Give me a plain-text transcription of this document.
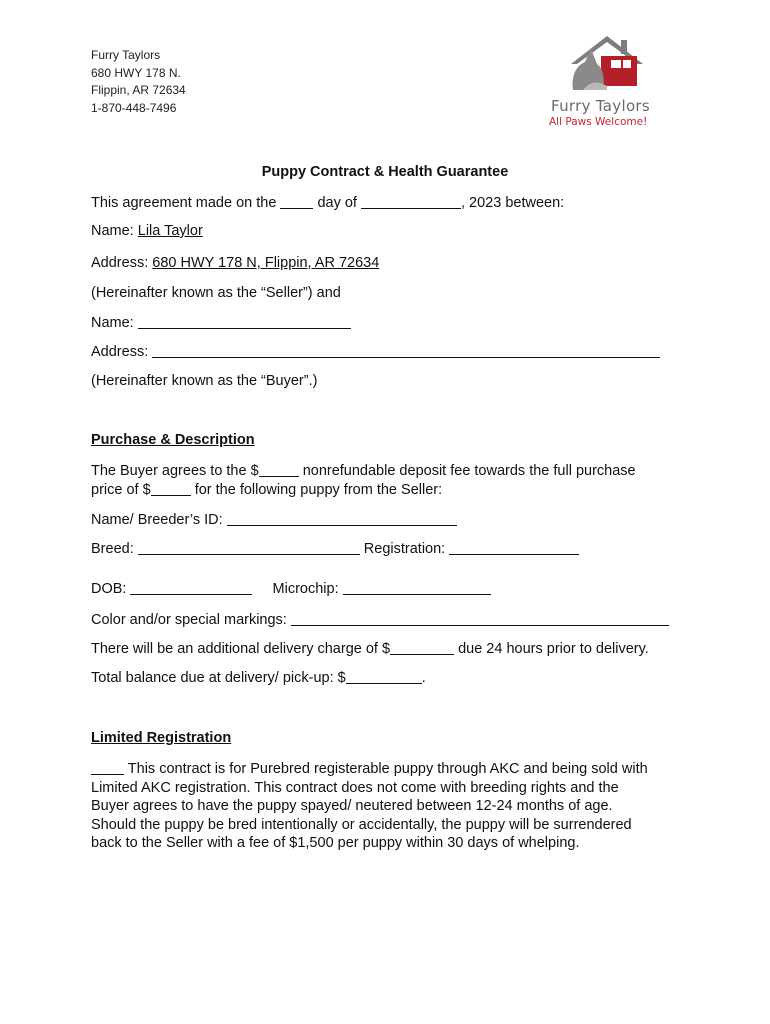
Furry Taylors
680 HWY 178 N.
Flippin, AR 72634
1-870-448-7496	Furry Taylors
All Paws Welcome!
Puppy Contract & Health Guarantee
This agreement made on the	day of	, 2023 between:
Name: Lila Taylor
Address: 680 HWY 178 N, Flippin, AR 72634
(Hereinafter known as the “Seller”) and
Name:
Address:
(Hereinafter known as the “Buyer”.)
Purchase & Description
The Buyer agrees to the $	nonrefundable deposit fee towards the full purchase
price of $	for the following puppy from the Seller:
Name/ Breeder’s ID:
Breed:	Registration:
DOB:	Microchip:
Color and/or special markings:
There will be an additional delivery charge of $	due 24 hours prior to delivery.
Total balance due at delivery/ pick-up: $	.
Limited Registration
This contract is for Purebred registerable puppy through AKC and being sold with
Limited AKC registration. This contract does not come with breeding rights and the
Buyer agrees to have the puppy spayed/ neutered between 12-24 months of age.
Should the puppy be bred intentionally or accidentally, the puppy will be surrendered
back to the Seller with a fee of $1,500 per puppy within 30 days of whelping.
